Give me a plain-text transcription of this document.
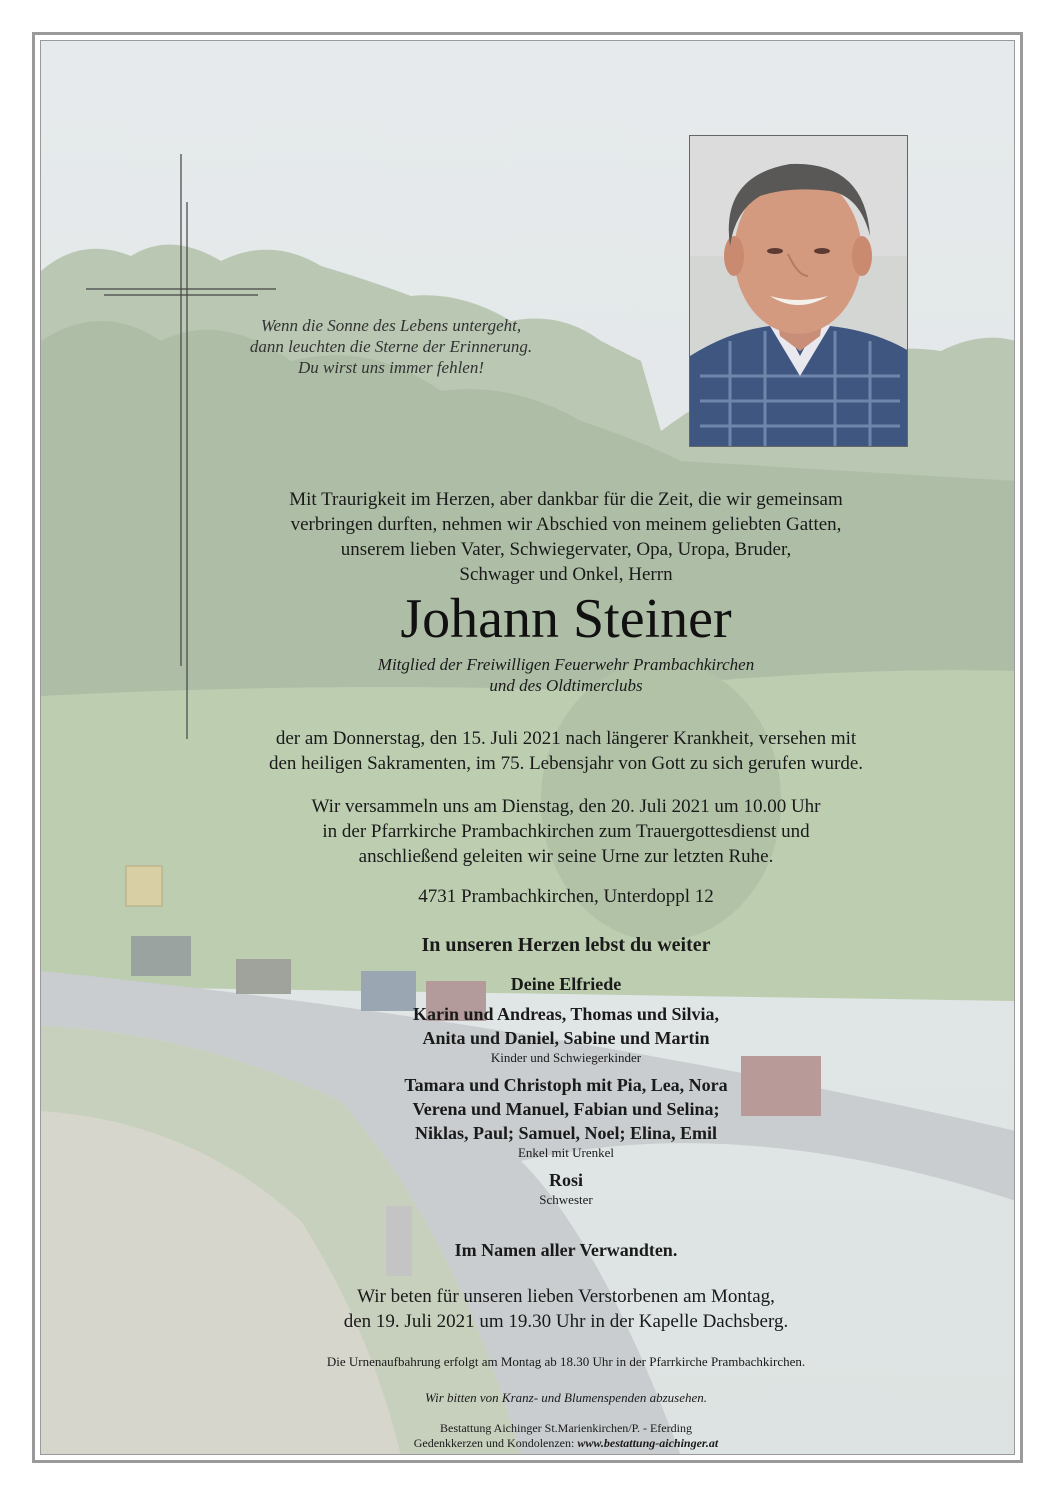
Wenn die Sonne des Lebens untergeht,
dann leuchten die Sterne der Erinnerung.
Du wirst uns immer fehlen!
Mit Traurigkeit im Herzen, aber dankbar für die Zeit, die wir gemeinsam
verbringen durften, nehmen wir Abschied von meinem geliebten Gatten,
unserem lieben Vater, Schwiegervater, Opa, Uropa, Bruder,
Schwager und Onkel, Herrn
Johann Steiner
Mitglied der Freiwilligen Feuerwehr Prambachkirchen
und des Oldtimerclubs
der am Donnerstag, den 15. Juli 2021 nach längerer Krankheit, versehen mit
den heiligen Sakramenten, im 75. Lebensjahr von Gott zu sich gerufen wurde.
Wir versammeln uns am Dienstag, den 20. Juli 2021 um 10.00 Uhr
in der Pfarrkirche Prambachkirchen zum Trauergottesdienst und
anschließend geleiten wir seine Urne zur letzten Ruhe.
4731 Prambachkirchen, Unterdoppl 12
In unseren Herzen lebst du weiter
Deine Elfriede
Karin und Andreas, Thomas und Silvia,
Anita und Daniel, Sabine und Martin
Kinder und Schwiegerkinder
Tamara und Christoph mit Pia, Lea, Nora
Verena und Manuel, Fabian und Selina;
Niklas, Paul; Samuel, Noel; Elina, Emil
Enkel mit Urenkel
Rosi
Schwester
Im Namen aller Verwandten.
Wir beten für unseren lieben Verstorbenen am Montag,
den 19. Juli 2021 um 19.30 Uhr in der Kapelle Dachsberg.
Die Urnenaufbahrung erfolgt am Montag ab 18.30 Uhr in der Pfarrkirche Prambachkirchen.
Wir bitten von Kranz- und Blumenspenden abzusehen.
Bestattung Aichinger St.Marienkirchen/P. - Eferding
Gedenkkerzen und Kondolenzen: www.bestattung-aichinger.at
